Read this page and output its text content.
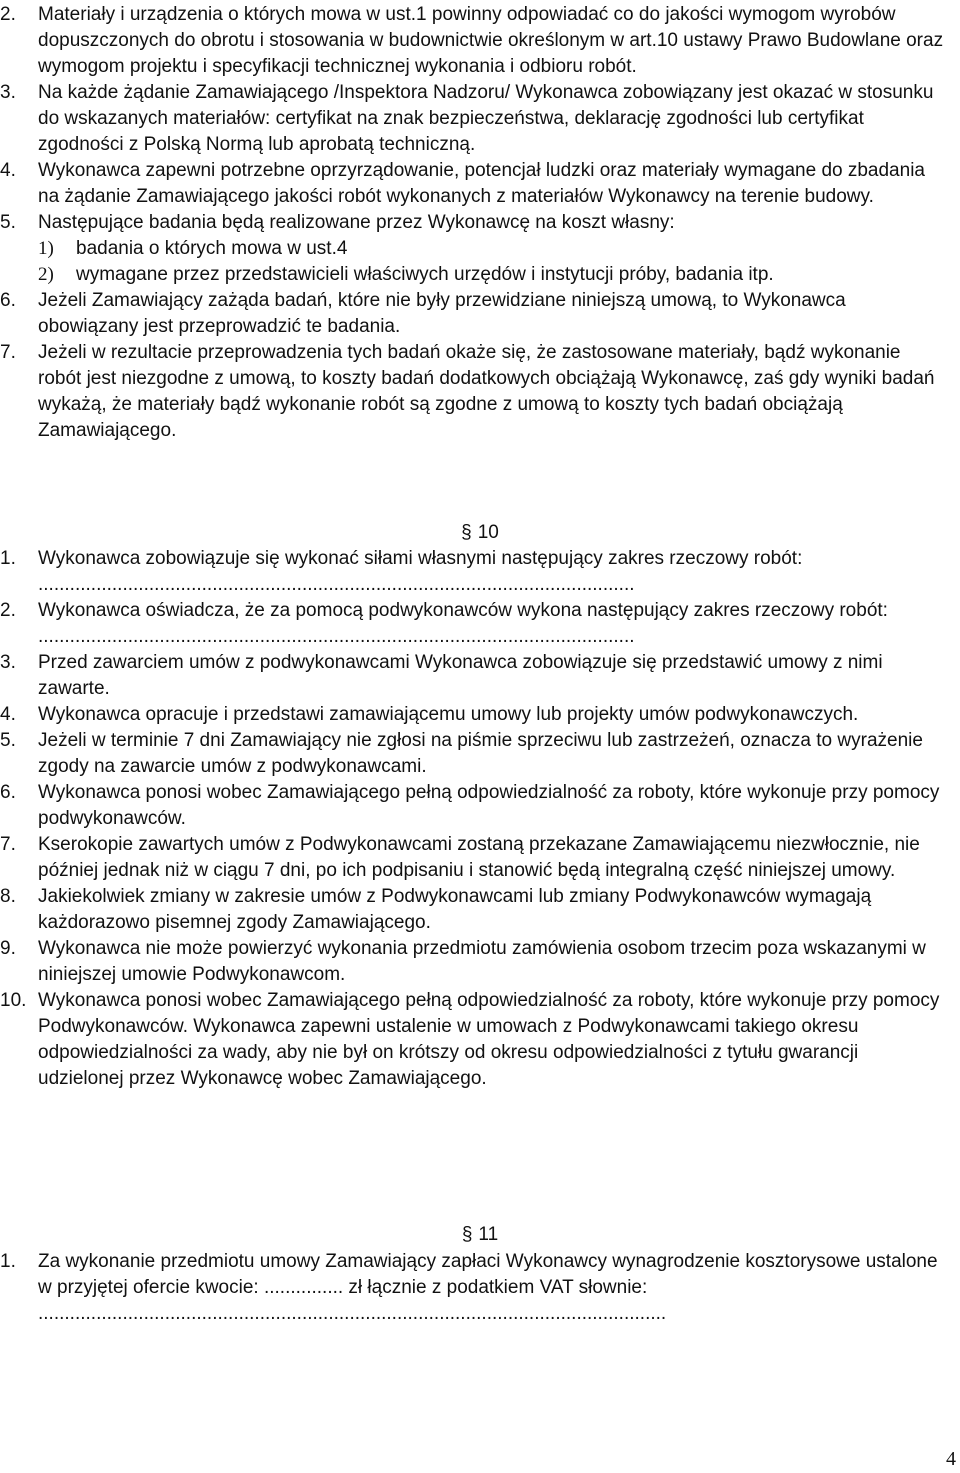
2. Materiały i urządzenia o których mowa w ust.1 powinny odpowiadać co do jakości wymogom wyrobów dopuszczonych do obrotu i stosowania w budownictwie określonym w art.10 ustawy Prawo Budowlane oraz wymogom projektu i specyfikacji technicznej wykonania i odbioru robót.
3. Na każde żądanie Zamawiającego /Inspektora Nadzoru/ Wykonawca zobowiązany jest okazać w stosunku do wskazanych materiałów: certyfikat na znak bezpieczeństwa, deklarację zgodności lub certyfikat zgodności z Polską Normą lub aprobatą techniczną.
4. Wykonawca zapewni potrzebne oprzyrządowanie, potencjał ludzki oraz materiały wymagane do zbadania na żądanie Zamawiającego jakości robót wykonanych z materiałów Wykonawcy na terenie budowy.
5. Następujące badania będą realizowane przez Wykonawcę na koszt własny:
1)	badania o których mowa w ust.4
2)	wymagane przez przedstawicieli właściwych urzędów i instytucji próby, badania itp.
6. Jeżeli Zamawiający zażąda badań, które nie były przewidziane niniejszą umową, to Wykonawca obowiązany jest przeprowadzić te badania.
7. Jeżeli w rezultacie przeprowadzenia tych badań okaże się, że zastosowane materiały, bądź wykonanie robót jest niezgodne z umową, to koszty badań dodatkowych obciążają Wykonawcę, zaś gdy wyniki badań wykażą, że materiały bądź wykonanie robót są zgodne z umową to koszty tych badań obciążają Zamawiającego.
§ 10
1. Wykonawca zobowiązuje się wykonać siłami własnymi następujący zakres rzeczowy robót:
.................................................................................................................
2. Wykonawca oświadcza, że za pomocą podwykonawców wykona następujący zakres rzeczowy robót:
.................................................................................................................
3. Przed zawarciem umów z podwykonawcami Wykonawca zobowiązuje się przedstawić umowy z nimi zawarte.
4. Wykonawca opracuje i przedstawi zamawiającemu umowy lub projekty umów podwykonawczych.
5. Jeżeli w terminie 7 dni Zamawiający nie zgłosi na piśmie sprzeciwu lub zastrzeżeń, oznacza to wyrażenie zgody na zawarcie umów z podwykonawcami.
6. Wykonawca ponosi wobec Zamawiającego pełną odpowiedzialność za roboty, które wykonuje przy pomocy podwykonawców.
7. Kserokopie zawartych umów z Podwykonawcami zostaną przekazane Zamawiającemu niezwłocznie, nie później jednak niż w ciągu 7 dni, po ich podpisaniu i stanowić będą integralną część niniejszej umowy.
8. Jakiekolwiek zmiany w zakresie umów z Podwykonawcami lub zmiany Podwykonawców wymagają każdorazowo pisemnej zgody Zamawiającego.
9. Wykonawca nie może powierzyć wykonania przedmiotu zamówienia osobom trzecim poza wskazanymi w niniejszej umowie Podwykonawcom.
10. Wykonawca ponosi wobec Zamawiającego pełną odpowiedzialność za roboty, które wykonuje przy pomocy Podwykonawców. Wykonawca zapewni ustalenie w umowach z Podwykonawcami takiego okresu odpowiedzialności za wady, aby nie był on krótszy od okresu odpowiedzialności z tytułu gwarancji udzielonej przez Wykonawcę wobec Zamawiającego.
§ 11
1. Za wykonanie przedmiotu umowy Zamawiający zapłaci Wykonawcy wynagrodzenie kosztorysowe ustalone w przyjętej ofercie kwocie: ............... zł łącznie z podatkiem VAT słownie:
.......................................................................................................................
4
